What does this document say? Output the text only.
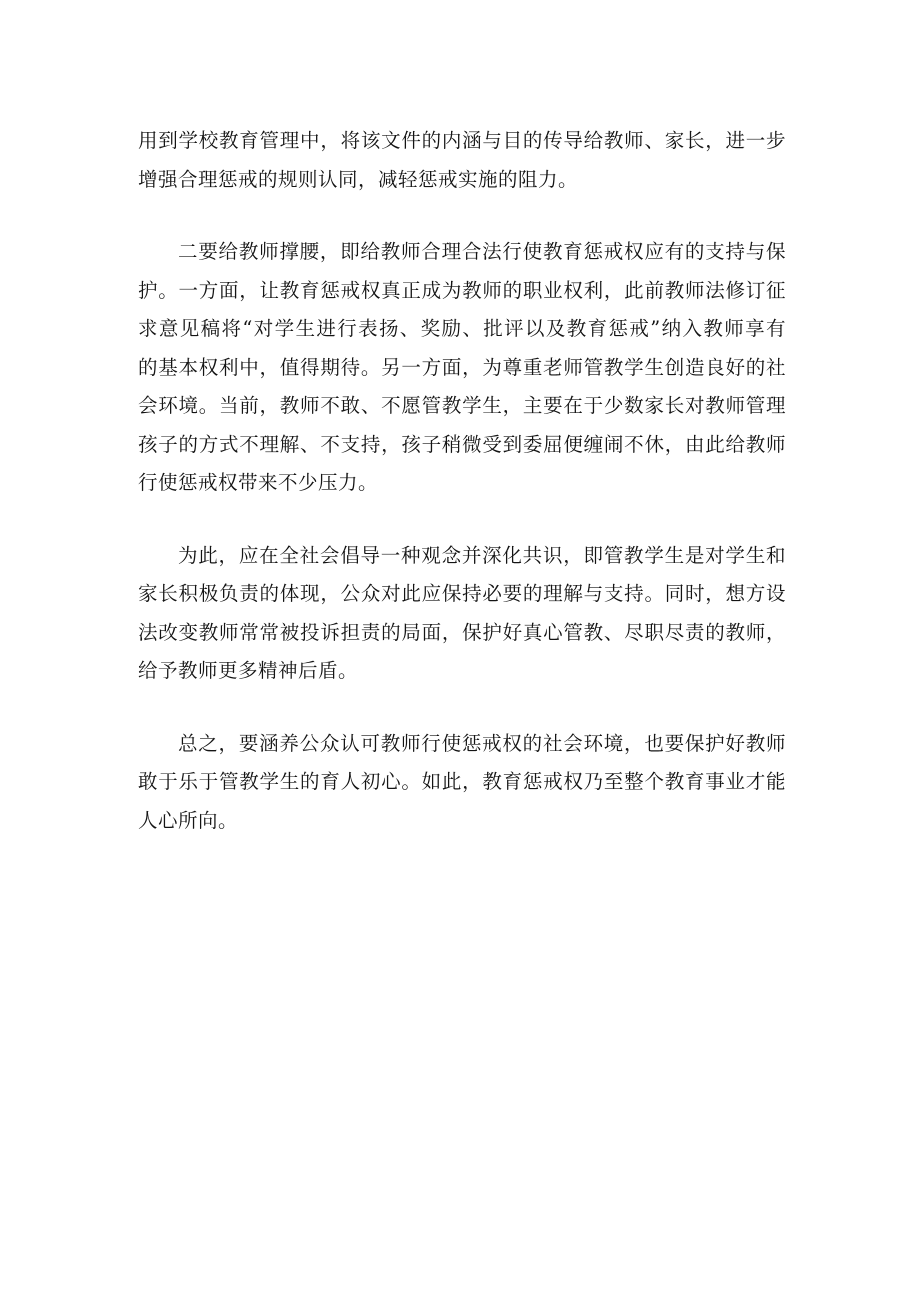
用到学校教育管理中，将该文件的内涵与目的传导给教师、家长，进一步
增强合理惩戒的规则认同，减轻惩戒实施的阻力。

二要给教师撑腰，即给教师合理合法行使教育惩戒权应有的支持与保
护。一方面，让教育惩戒权真正成为教师的职业权利，此前教师法修订征
求意见稿将“对学生进行表扬、奖励、批评以及教育惩戒”纳入教师享有
的基本权利中，值得期待。另一方面，为尊重老师管教学生创造良好的社
会环境。当前，教师不敢、不愿管教学生，主要在于少数家长对教师管理
孩子的方式不理解、不支持，孩子稍微受到委屈便缠闹不休，由此给教师
行使惩戒权带来不少压力。

为此，应在全社会倡导一种观念并深化共识，即管教学生是对学生和
家长积极负责的体现，公众对此应保持必要的理解与支持。同时，想方设
法改变教师常常被投诉担责的局面，保护好真心管教、尽职尽责的教师，
给予教师更多精神后盾。

总之，要涵养公众认可教师行使惩戒权的社会环境，也要保护好教师
敢于乐于管教学生的育人初心。如此，教育惩戒权乃至整个教育事业才能
人心所向。
